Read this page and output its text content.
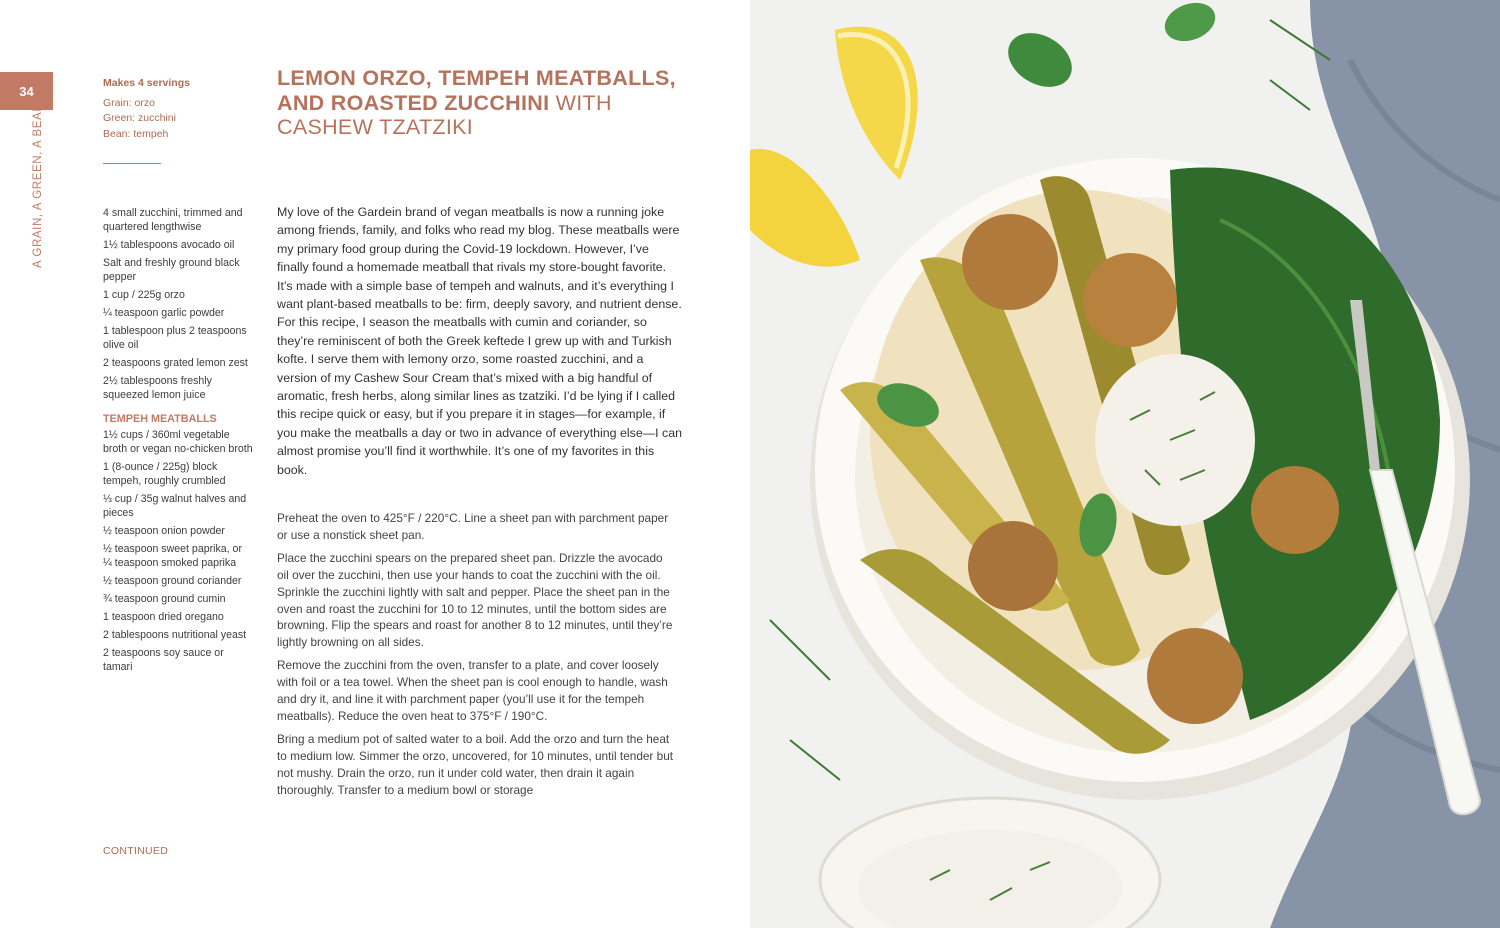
34
A GRAIN, A GREEN, A BEAN
Makes 4 servings
Grain: orzo
Green: zucchini
Bean: tempeh
LEMON ORZO, TEMPEH MEATBALLS, AND ROASTED ZUCCHINI WITH
CASHEW TZATZIKI
4 small zucchini, trimmed and quartered lengthwise
1½ tablespoons avocado oil
Salt and freshly ground black pepper
1 cup / 225g orzo
¼ teaspoon garlic powder
1 tablespoon plus 2 teaspoons olive oil
2 teaspoons grated lemon zest
2½ tablespoons freshly squeezed lemon juice
TEMPEH MEATBALLS
1½ cups / 360ml vegetable broth or vegan no-chicken broth
1 (8-ounce / 225g) block tempeh, roughly crumbled
⅓ cup / 35g walnut halves and pieces
½ teaspoon onion powder
½ teaspoon sweet paprika, or ¼ teaspoon smoked paprika
½ teaspoon ground coriander
¾ teaspoon ground cumin
1 teaspoon dried oregano
2 tablespoons nutritional yeast
2 teaspoons soy sauce or tamari

My love of the Gardein brand of vegan meatballs is now a running joke among friends, family, and folks who read my blog. These meatballs were my primary food group during the Covid-19 lockdown. However, I’ve finally found a homemade meatball that rivals my store-bought favorite. It’s made with a simple base of tempeh and walnuts, and it’s everything I want plant-based meatballs to be: firm, deeply savory, and nutrient dense. For this recipe, I season the meatballs with cumin and coriander, so they’re reminiscent of both the Greek keftede I grew up with and Turkish kofte. I serve them with lemony orzo, some roasted zucchini, and a version of my Cashew Sour Cream that’s mixed with a big handful of aromatic, fresh herbs, along similar lines as tzatziki. I’d be lying if I called this recipe quick or easy, but if you prepare it in stages—for example, if you make the meatballs a day or two in advance of everything else—I can almost promise you’ll find it worthwhile. It’s one of my favorites in this book.

Preheat the oven to 425°F / 220°C. Line a sheet pan with parchment paper or use a nonstick sheet pan.

Place the zucchini spears on the prepared sheet pan. Drizzle the avocado oil over the zucchini, then use your hands to coat the zucchini with the oil. Sprinkle the zucchini lightly with salt and pepper. Place the sheet pan in the oven and roast the zucchini for 10 to 12 minutes, until the bottom sides are browning. Flip the spears and roast for another 8 to 12 minutes, until they’re lightly browning on all sides.

Remove the zucchini from the oven, transfer to a plate, and cover loosely with foil or a tea towel. When the sheet pan is cool enough to handle, wash and dry it, and line it with parchment paper (you’ll use it for the tempeh meatballs). Reduce the oven heat to 375°F / 190°C.

Bring a medium pot of salted water to a boil. Add the orzo and turn the heat to medium low. Simmer the orzo, uncovered, for 10 minutes, until tender but not mushy. Drain the orzo, run it under cold water, then drain it again thoroughly. Transfer to a medium bowl or storage

CONTINUED
